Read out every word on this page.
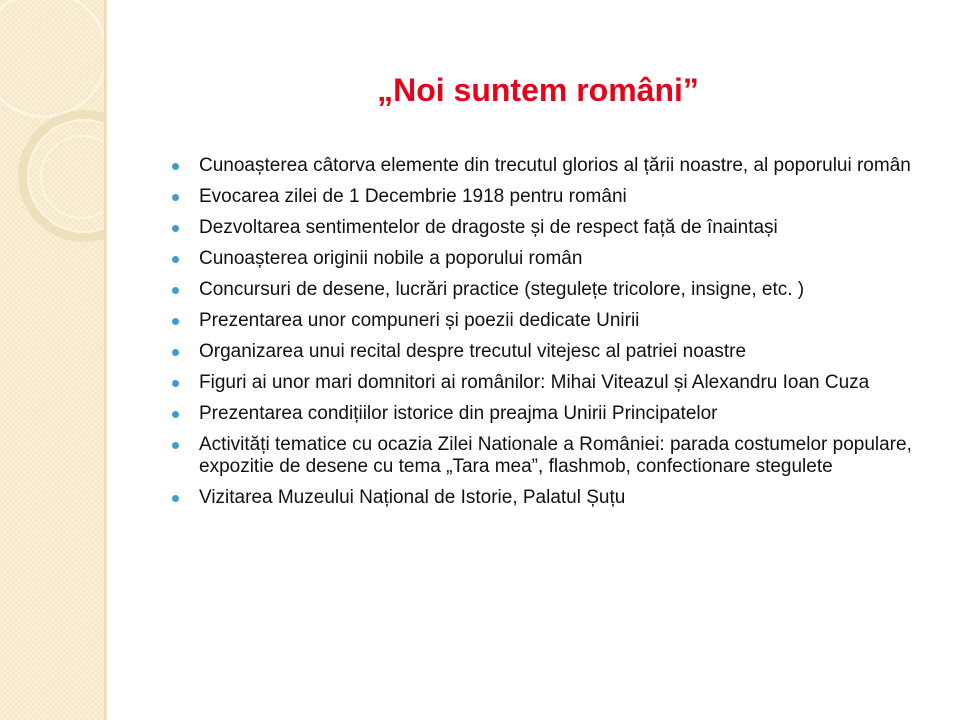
„Noi suntem români”
Cunoașterea câtorva elemente din trecutul glorios al țării noastre, al poporului român
Evocarea zilei de 1 Decembrie 1918 pentru români
Dezvoltarea sentimentelor de dragoste și de respect față de înaintași
Cunoașterea originii nobile a poporului român
Concursuri de desene, lucrări practice (stegulețe tricolore, insigne, etc. )
Prezentarea unor compuneri și poezii dedicate Unirii
Organizarea unui recital despre trecutul vitejesc al patriei noastre
Figuri ai unor mari domnitori ai românilor: Mihai Viteazul și Alexandru Ioan Cuza
Prezentarea condițiilor istorice din preajma Unirii Principatelor
Activități tematice cu ocazia Zilei Nationale a României: parada costumelor populare, expozitie de desene cu tema „Tara mea”, flashmob, confectionare stegulete
Vizitarea Muzeului Național de Istorie, Palatul Șuțu
